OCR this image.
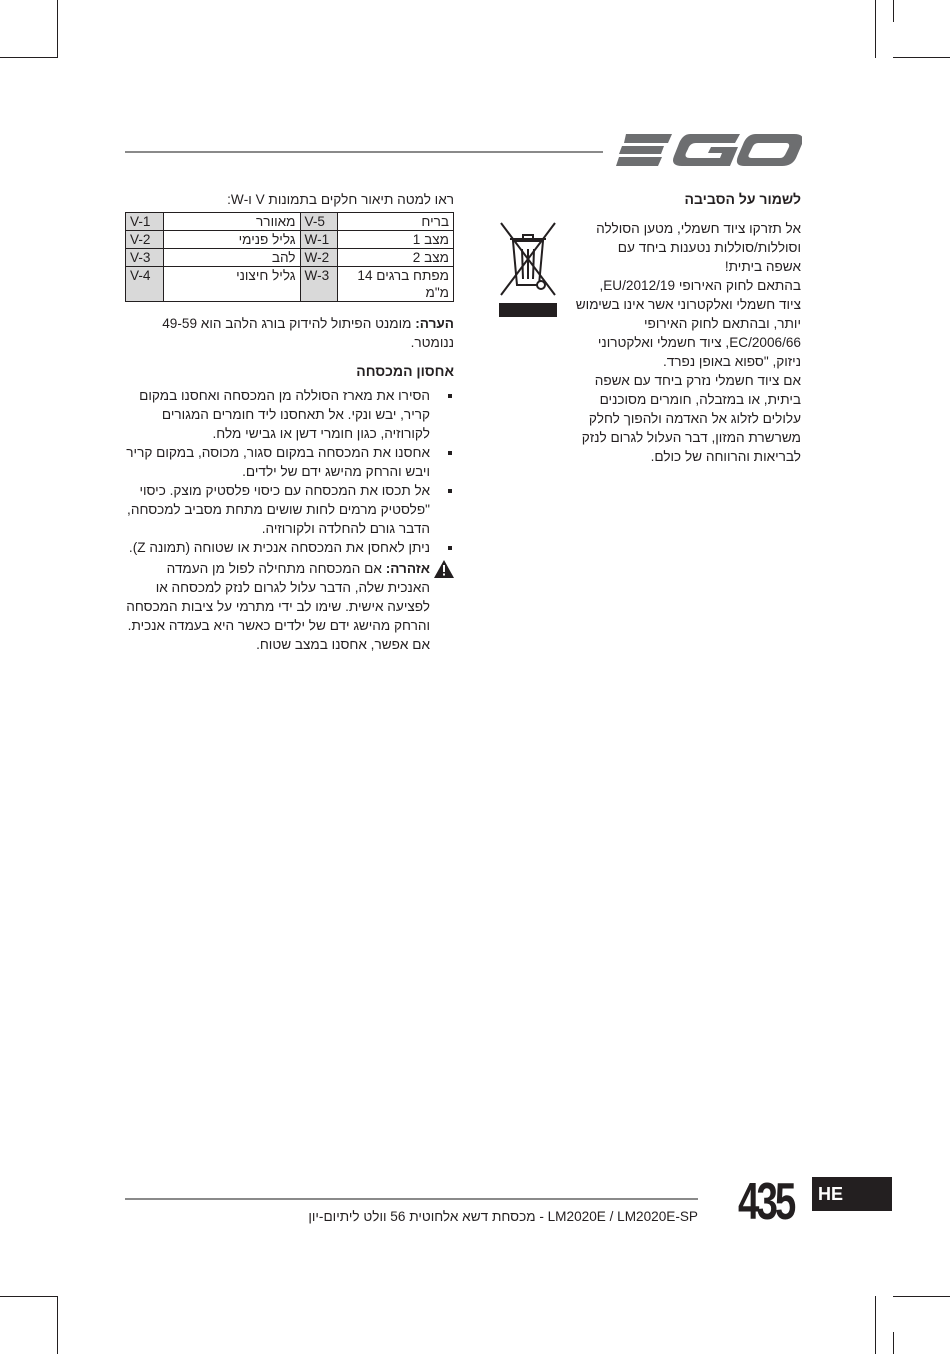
לשמור על הסביבה

אל תזרקו ציוד חשמלי, מטען הסוללה

וסוללות/סוללות נטענות ביחד עם

אשפה ביתית!

בהתאם לחוק האירופי 2012/19/EU,

ציוד חשמלי ואלקטרוני אשר אינו בשימוש

יותר, ובהתאם לחוק האירופי

2006/66/EC, ציוד חשמלי ואלקטרוני

ניזוק, "ספוא באופן נפרד.

אם ציוד חשמלי נזרק ביחד עם אשפה

ביתית, או במזבלה, חומרים מסוכנים

עלולים לזלוג אל האדמה ולהפוך לחלק

משרשרת המזון, דבר העלול לגרום לנזק

לבריאות והרווחה של כולם.

ראו למטה תיאור חלקים בתמונות V ו-W:

בריח	V-5	מאוורר	V-1
מצב 1	W-1	גליל פנימי	V-2
מצב 2	W-2	להב	V-3
מפתח ברגים 14 מ"מ	W-3	גליל חיצוני	V-4

הערה: מומנט הפיתול להידוק בורג הלהב הוא 49-59 ננומטר.

אחסון המכסחה
הסירו את מארז הסוללה מן המכסחה ואחסנו במקום קריר, יבש ונקי. אל תאחסנו ליד חומרים המגורים לקורוזיה, כגון חומרי דשן או גבישי מלח.
אחסנו את המכסחה במקום סגור, מכוסה, במקום קריר ויבש והרחק מהישג ידם של ילדים.
אל תכסו את המכסחה עם כיסוי פלסטיק מוצק. כיסוי "פלסטיק מרמים לחות שושים מתחת מסביב למכסחה, הדבר גורם להחלדה ולקורוזיה.
ניתן לאחסן את המכסחה אנכית או שטוחה (תמונה Z).
אזהרה: אם המכסחה מתחילה לפול מן העמדה האנכית שלה, הדבר עלול לגרום לנזק למכסחה או לפציעה אישית. שימו לב ידי מתרמי על ציבות המכסחה והרחק מהישג ידם של ילדים כאשר היא בעמדה אנכית. אם אפשר, אחסנו במצב שטוח.

LM2020E / LM2020E-SP - מכסחת דשא אלחוטית 56 וולט ליתיום-יון 435	HE
